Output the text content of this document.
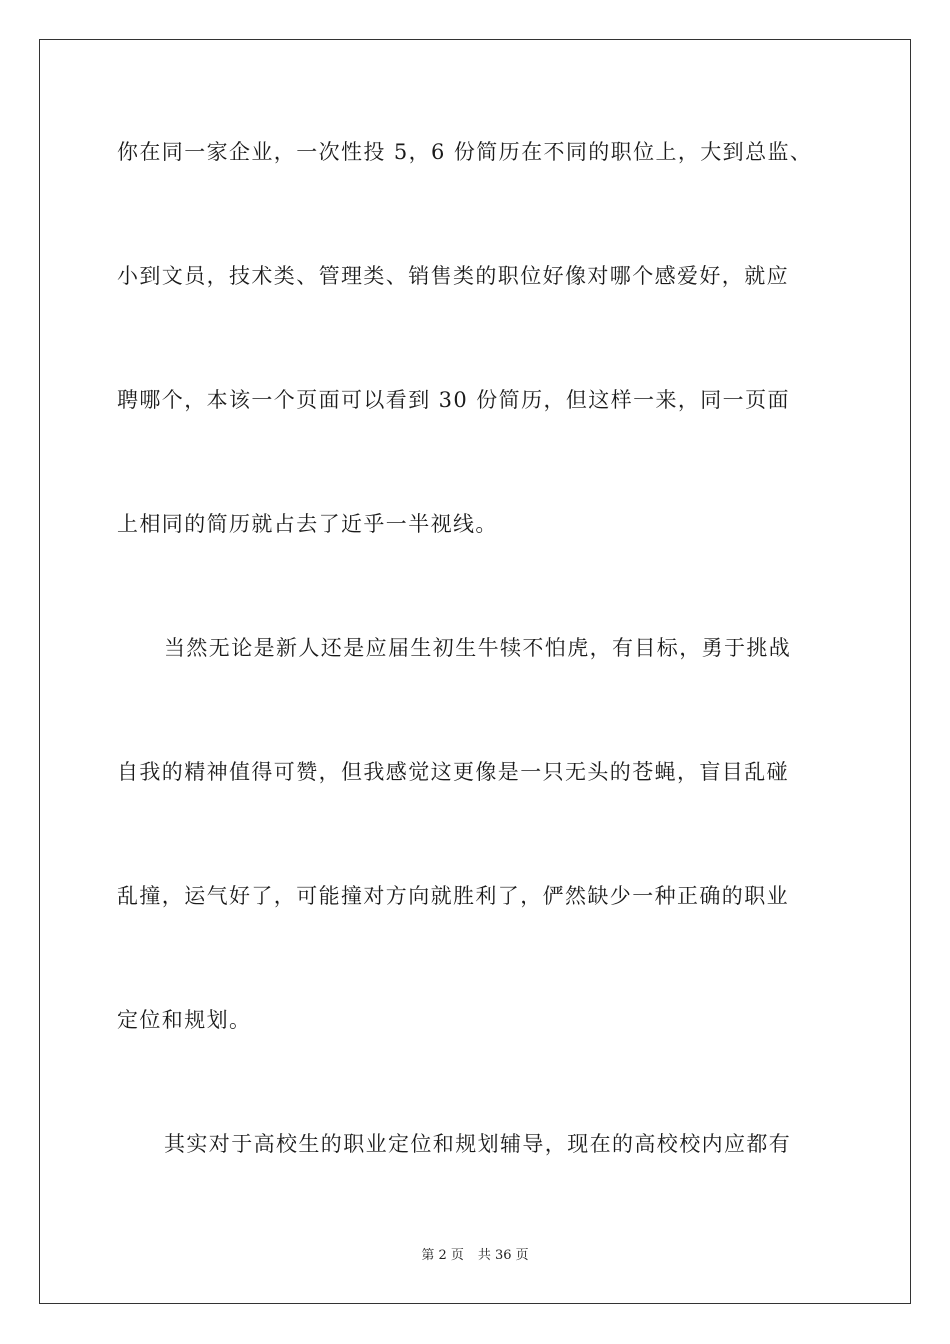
你在同一家企业，一次性投 5，6 份简历在不同的职位上，大到总监、
小到文员，技术类、管理类、销售类的职位好像对哪个感爱好，就应
聘哪个，本该一个页面可以看到 30 份简历，但这样一来，同一页面
上相同的简历就占去了近乎一半视线。
当然无论是新人还是应届生初生牛犊不怕虎，有目标，勇于挑战
自我的精神值得可赞，但我感觉这更像是一只无头的苍蝇，盲目乱碰
乱撞，运气好了，可能撞对方向就胜利了，俨然缺少一种正确的职业
定位和规划。
其实对于高校生的职业定位和规划辅导，现在的高校校内应都有
第 2 页 共 36 页
